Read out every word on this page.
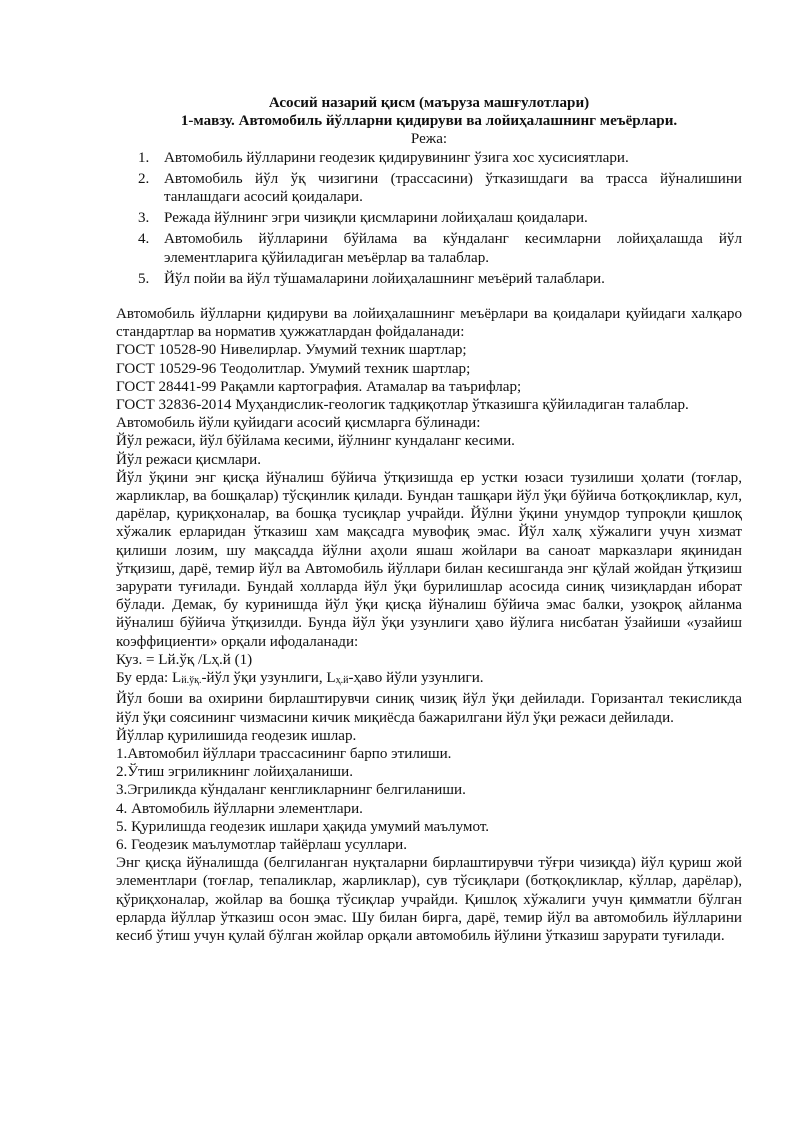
Асосий назарий қисм (маъруза машғулотлари)

1-мавзу. Автомобиль йўлларни қидируви ва лойиҳалашнинг меъёрлари.

Режа:

1. Автомобиль йўлларини геодезик қидирувининг ўзига хос хусисиятлари.
2. Автомобиль йўл ўқ чизигини (трассасини) ўтказишдаги ва трасса йўналишини танлашдаги асосий қоидалари.
3. Режада йўлнинг эгри чизиқли қисмларини лойиҳалаш қоидалари.
4. Автомобиль йўлларини бўйлама ва кўндаланг кесимларни лойиҳалашда йўл элементларига қўйиладиган меъёрлар ва талаблар.
5. Йўл пойи ва йўл тўшамаларини лойиҳалашнинг меъёрий талаблари.

Автомобиль йўлларни қидируви ва лойиҳалашнинг меъёрлари ва қоидалари қуйидаги халқаро стандартлар ва норматив ҳужжатлардан фойдаланади:

ГОСТ 10528-90 Нивелирлар. Умумий техник шартлар;

ГОСТ 10529-96 Теодолитлар. Умумий техник шартлар;

ГОСТ 28441-99 Рақамли картография. Атамалар ва таърифлар;

ГОСТ 32836-2014 Муҳандислик-геологик тадқиқотлар ўтказишга қўйиладиган талаблар.

Автомобиль йўли қуйидаги асосий қисмларга бўлинади:

Йўл режаси, йўл бўйлама кесими, йўлнинг кундаланг кесими.

Йўл режаси қисмлари.

Йўл ўқини энг қисқа йўналиш бўйича ўтқизишда ер устки юзаси тузилиши ҳолати (тоғлар, жарликлар, ва бошқалар) тўсқинлик қилади. Бундан ташқари йўл ўқи бўйича ботқоқликлар, кул, дарёлар, қуриқхоналар, ва бошқа тусиқлар учрайди. Йўлни ўқини унумдор тупроқли қишлоқ хўжалик ерларидан ўтказиш хам мақсадга мувофиқ эмас. Йўл халқ хўжалиги учун хизмат қилиши лозим, шу мақсадда йўлни аҳоли яшаш жойлари ва саноат марказлари яқинидан ўтқизиш, дарё, темир йўл ва Автомобиль йўллари билан кесишганда энг қўлай жойдан ўтқизиш зарурати туғилади. Бундай холларда йўл ўқи бурилишлар асосида синиқ чизиқлардан иборат бўлади. Демак, бу куринишда йўл ўқи қисқа йўналиш бўйича эмас балки, узоқроқ айланма йўналиш бўйича ўтқизилди. Бунда йўл ўқи узунлиги ҳаво йўлига нисбатан ўзайиши «узайиш коэффициенти» орқали ифодаланади:

Куз. = Lй.ўқ /Lҳ.й (1)

Бу ерда: Lй.ўқ.-йўл ўқи узунлиги, Lҳ.й-ҳаво йўли узунлиги.

Йўл боши ва охирини бирлаштирувчи синиқ чизиқ йўл ўқи дейилади. Горизантал текисликда йўл ўқи соясининг чизмасини кичик миқиёсда бажарилгани йўл ўқи режаси дейилади.

Йўллар қурилишида геодезик ишлар.

1.Автомобил йўллари трассасининг барпо этилиши.

2.Ўтиш эгриликнинг лойиҳаланиши.

3.Эгриликда кўндаланг кенгликларнинг белгиланиши.

4. Автомобиль йўлларни элементлари.

5. Қурилишда геодезик ишлари ҳақида умумий маълумот.

6. Геодезик маълумотлар тайёрлаш усуллари.

Энг қисқа йўналишда (белгиланган нуқталарни бирлаштирувчи тўғри чизиқда) йўл қуриш жой элементлари (тоғлар, тепаликлар, жарликлар), сув тўсиқлари (ботқоқликлар, кўллар, дарёлар), қўриқхоналар, жойлар ва бошқа тўсиқлар учрайди. Қишлоқ хўжалиги учун қимматли бўлган ерларда йўллар ўтказиш осон эмас. Шу билан бирга, дарё, темир йўл ва автомобиль йўлларини кесиб ўтиш учун қулай бўлган жойлар орқали автомобиль йўлини ўтказиш зарурати туғилади.
